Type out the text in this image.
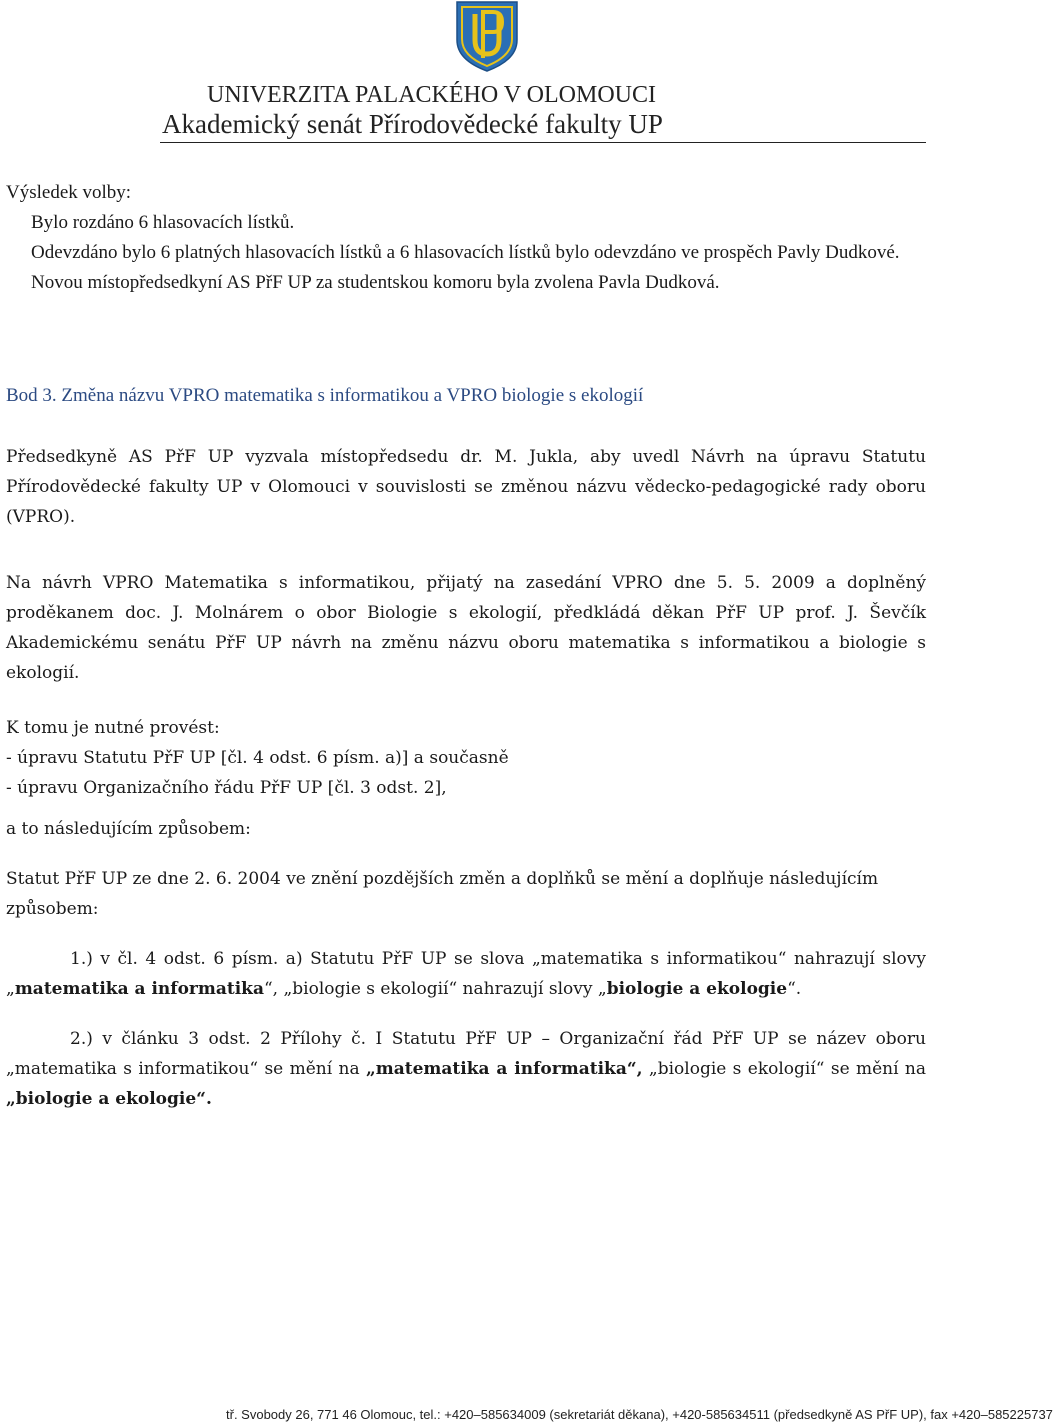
UNIVERZITA PALACKÉHO V OLOMOUCI
Akademický senát Přírodovědecké fakulty UP

Výsledek volby:

Bylo rozdáno 6 hlasovacích lístků.

Odevzdáno bylo 6 platných hlasovacích lístků a 6 hlasovacích lístků bylo odevzdáno ve prospěch Pavly Dudkové.

Novou místopředsedkyní AS PřF UP za studentskou komoru byla zvolena Pavla Dudková.

Bod 3. Změna názvu VPRO matematika s informatikou a VPRO biologie s ekologií
Předsedkyně AS PřF UP vyzvala místopředsedu dr. M. Jukla, aby uvedl Návrh na úpravu Statutu Přírodovědecké fakulty UP v Olomouci v souvislosti se změnou názvu vědecko-pedagogické rady oboru (VPRO).
Na návrh VPRO Matematika s informatikou, přijatý na zasedání VPRO dne 5. 5. 2009 a doplněný proděkanem doc. J. Molnárem o obor Biologie s ekologií, předkládá děkan PřF UP prof. J. Ševčík Akademickému senátu PřF UP návrh na změnu názvu oboru matematika s informatikou a biologie s ekologií.

K tomu je nutné provést:

- úpravu Statutu PřF UP [čl. 4 odst. 6 písm. a)] a současně

- úpravu Organizačního řádu PřF UP [čl. 3 odst. 2],

a to následujícím způsobem:
Statut PřF UP ze dne 2. 6. 2004 ve znění pozdějších změn a doplňků se mění a doplňuje následujícím způsobem:
1.) v čl. 4 odst. 6 písm. a) Statutu PřF UP se slova „matematika s informatikou“ nahrazují slovy „matematika a informatika“, „biologie s ekologií“ nahrazují slovy „biologie a ekologie“.
2.) v článku 3 odst. 2 Přílohy č. I Statutu PřF UP – Organizační řád PřF UP se název oboru „matematika s informatikou“ se mění na „matematika a informatika“, „biologie s ekologií“ se mění na „biologie a ekologie“.
tř. Svobody 26, 771 46 Olomouc, tel.: +420–585634009 (sekretariát děkana), +420-585634511 (předsedkyně AS PřF UP), fax +420–585225737
